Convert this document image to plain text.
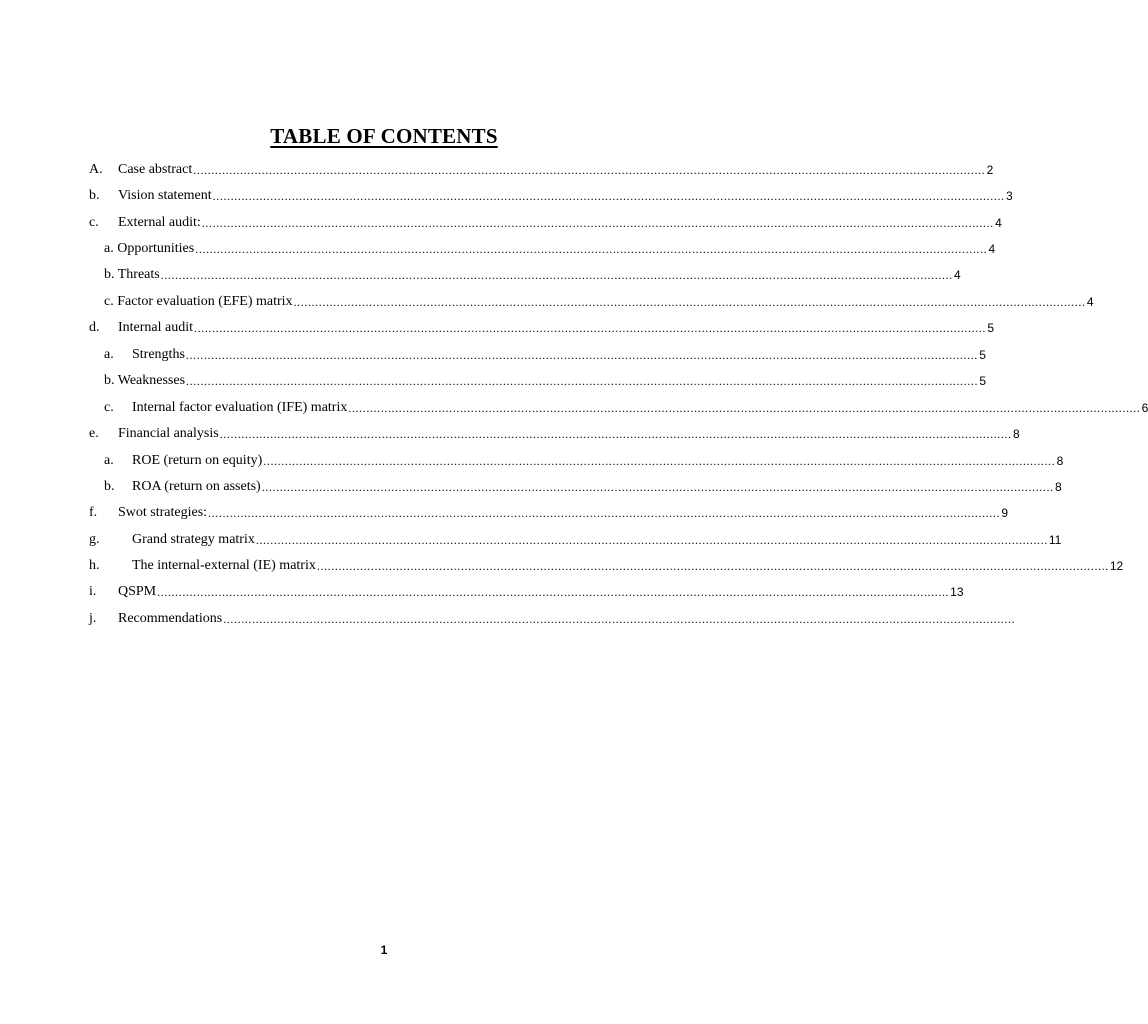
TABLE OF CONTENTS
A.	Case abstract ............................................................................................................................................................................................................................ 2
b.	Vision statement ............................................................................................................................................................................................................................ 3
c.	External audit: ............................................................................................................................................................................................................................ 4
a. Opportunities ............................................................................................................................................................................................................................ 4
b. Threats ............................................................................................................................................................................................................................ 4
c. Factor evaluation (EFE) matrix ............................................................................................................................................................................................................................ 4
d.	Internal audit ............................................................................................................................................................................................................................ 5
a.	Strengths ............................................................................................................................................................................................................................ 5
b. Weaknesses ............................................................................................................................................................................................................................ 5
c.	Internal factor evaluation (IFE) matrix ............................................................................................................................................................................................................................ 6
e.	Financial analysis ............................................................................................................................................................................................................................ 8
a.	ROE (return on equity) ............................................................................................................................................................................................................................ 8
b.	ROA (return on assets) ............................................................................................................................................................................................................................ 8
f.	Swot strategies: ............................................................................................................................................................................................................................ 9
g.	Grand strategy matrix ............................................................................................................................................................................................................................ 11
h.	The internal-external (IE) matrix ............................................................................................................................................................................................................................ 12
i.	QSPM ............................................................................................................................................................................................................................ 13
j.	Recommendations ............................................................................................................................................................................................................................
1
